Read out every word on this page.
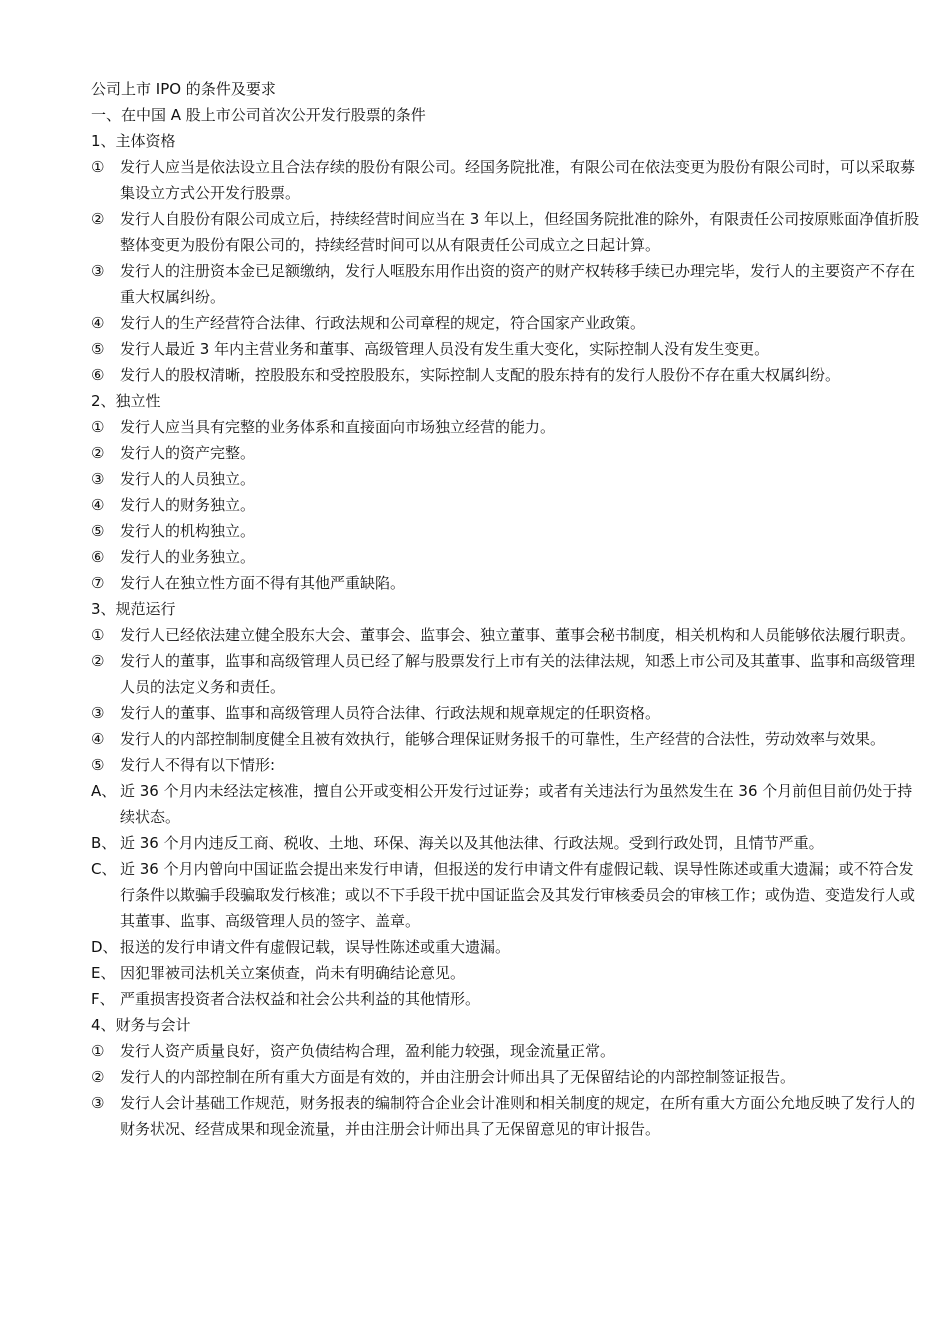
公司上市 IPO 的条件及要求
一、在中国 A 股上市公司首次公开发行股票的条件
1、主体资格
①	发行人应当是依法设立且合法存续的股份有限公司。经国务院批准，有限公司在依法变更为股份有限公司时，可以采取募集设立方式公开发行股票。
②	发行人自股份有限公司成立后，持续经营时间应当在 3 年以上，但经国务院批准的除外，有限责任公司按原账面净值折股整体变更为股份有限公司的，持续经营时间可以从有限责任公司成立之日起计算。
③	发行人的注册资本金已足额缴纳，发行人哐股东用作出资的资产的财产权转移手续已办理完毕，发行人的主要资产不存在重大权属纠纷。
④	发行人的生产经营符合法律、行政法规和公司章程的规定，符合国家产业政策。
⑤	发行人最近 3 年内主营业务和董事、高级管理人员没有发生重大变化，实际控制人没有发生变更。
⑥	发行人的股权清晰，控股股东和受控股股东，实际控制人支配的股东持有的发行人股份不存在重大权属纠纷。
2、独立性
①	发行人应当具有完整的业务体系和直接面向市场独立经营的能力。
②	发行人的资产完整。
③	发行人的人员独立。
④	发行人的财务独立。
⑤	发行人的机构独立。
⑥	发行人的业务独立。
⑦	发行人在独立性方面不得有其他严重缺陷。
3、规范运行
①	发行人已经依法建立健全股东大会、董事会、监事会、独立董事、董事会秘书制度，相关机构和人员能够依法履行职责。
②	发行人的董事，监事和高级管理人员已经了解与股票发行上市有关的法律法规，知悉上市公司及其董事、监事和高级管理人员的法定义务和责任。
③	发行人的董事、监事和高级管理人员符合法律、行政法规和规章规定的任职资格。
④	发行人的内部控制制度健全且被有效执行，能够合理保证财务报千的可靠性，生产经营的合法性，劳动效率与效果。
⑤	发行人不得有以下情形:
A、 近 36 个月内未经法定核准，擅自公开或变相公开发行过证券；或者有关违法行为虽然发生在 36 个月前但目前仍处于持续状态。
B、 近 36 个月内违反工商、税收、土地、环保、海关以及其他法律、行政法规。受到行政处罚，且情节严重。
C、 近 36 个月内曾向中国证监会提出来发行申请，但报送的发行申请文件有虚假记载、误导性陈述或重大遗漏；或不符合发行条件以欺骗手段骗取发行核准；或以不下手段干扰中国证监会及其发行审核委员会的审核工作；或伪造、变造发行人或其董事、监事、高级管理人员的签字、盖章。
D、 报送的发行申请文件有虚假记载，误导性陈述或重大遗漏。
E、 因犯罪被司法机关立案侦查，尚未有明确结论意见。
F、 严重损害投资者合法权益和社会公共利益的其他情形。
4、财务与会计
①	发行人资产质量良好，资产负债结构合理，盈利能力较强，现金流量正常。
②	发行人的内部控制在所有重大方面是有效的，并由注册会计师出具了无保留结论的内部控制签证报告。
③	发行人会计基础工作规范，财务报表的编制符合企业会计准则和相关制度的规定，在所有重大方面公允地反映了发行人的财务状况、经营成果和现金流量，并由注册会计师出具了无保留意见的审计报告。
